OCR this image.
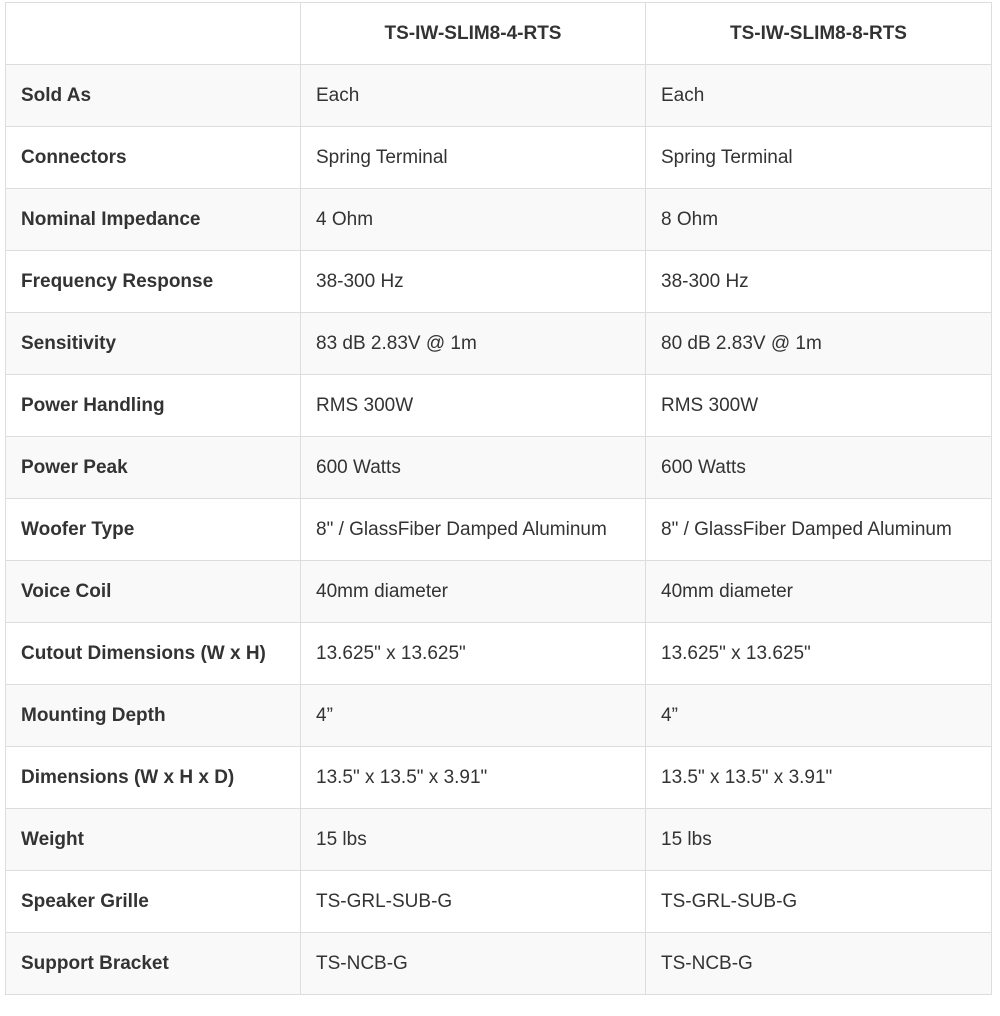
	TS-IW-SLIM8-4-RTS	TS-IW-SLIM8-8-RTS
Sold As	Each	Each
Connectors	Spring Terminal	Spring Terminal
Nominal Impedance	4 Ohm	8 Ohm
Frequency Response	38-300 Hz	38-300 Hz
Sensitivity	83 dB 2.83V @ 1m	80 dB 2.83V @ 1m
Power Handling	RMS 300W	RMS 300W
Power Peak	600 Watts	600 Watts
Woofer Type	8" / GlassFiber Damped Aluminum	8" / GlassFiber Damped Aluminum
Voice Coil	40mm diameter	40mm diameter
Cutout Dimensions (W x H)	13.625" x 13.625"	13.625" x 13.625"
Mounting Depth	4”	4”
Dimensions (W x H x D)	13.5" x 13.5" x 3.91"	13.5" x 13.5" x 3.91"
Weight	15 lbs	15 lbs
Speaker Grille	TS-GRL-SUB-G	TS-GRL-SUB-G
Support Bracket	TS-NCB-G	TS-NCB-G
